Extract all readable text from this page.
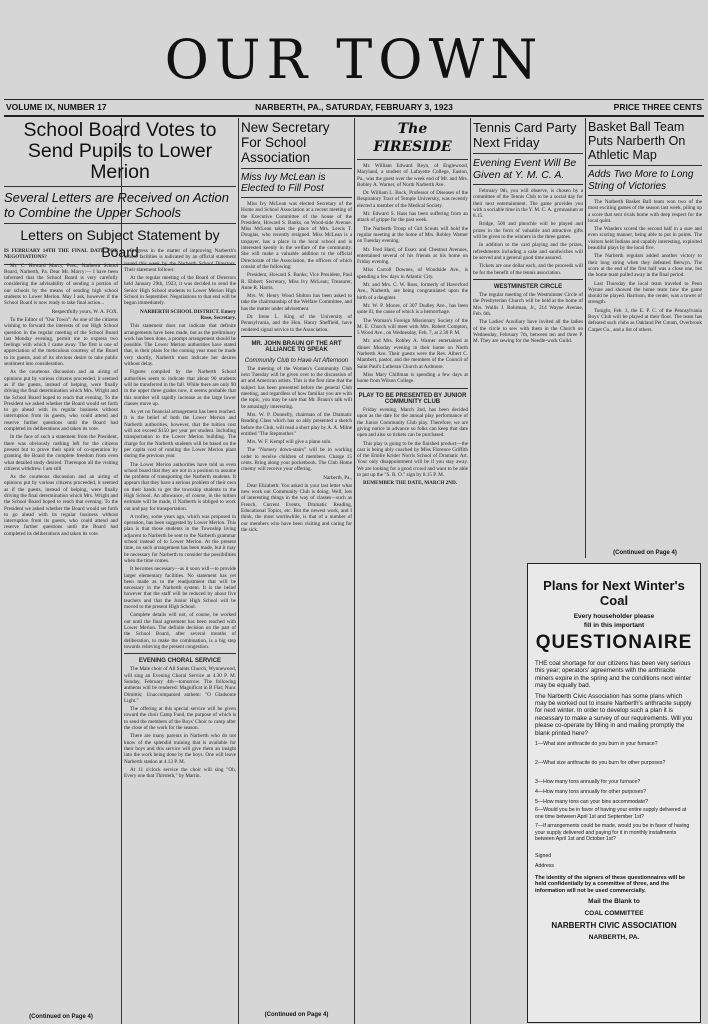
OUR TOWN
VOLUME IX, NUMBER 17	NARBERTH, PA., SATURDAY, FEBRUARY 3, 1923	PRICE THREE CENTS
School Board Votes to Send Pupils to Lower Merion
Several Letters are Received on Action to Combine the Upper Schools
Letters on Subject Statement by Board

IS FEBRUARY 14TH THE FINAL DATE FOR NEGOTIATIONS?

Mr. C. Howard Marcy, Pres., Narberth School Board, Narberth, Pa. Dear Mr. Marcy:— I have been informed that the School Board is very carefully considering the advisability of sending a portion of our schools by the means of sending high school students to Lower Merion. May I ask, however if the School Board is now ready to take final action...

Respectfully yours, W. A. FOX.

To the Editor of "Our Town": As one of the citizens wishing to forward the interests of our High School question in the regular meeting of the School Board last Monday evening, permit me to express two feelings with which I came away. The first is one of appreciation of the meticulous courtesy of the Board to its guests, and of its obvious desire to take public sentiment into consideration.

As the courteous discussion and an airing of opinions put by various citizens proceeded, it seemed as if the guests, instead of helping, were finally driving the final determination which Mrs. Wright and the School Board hoped to reach that evening. To the President we asked whether the Board would set forth to go ahead with its regular business without interruption from its guests, who could attend and reserve further questions until the Board had completed its deliberations and taken its vote.

In the face of such a statement from the President, there was obviously nothing left for the citizens present but to prove their spirit of co-operation by granting the Board the complete freedom from even what detailed study desired. Thereupon all the visiting citizens withdrew. I am still

As the courteous discussion and an airing of opinions put by various citizens proceeded, it seemed as if the guests, instead of helping, were finally driving the final determination which Mrs. Wright and the School Board hoped to reach that evening. To the President we asked whether the Board would set forth to go ahead with its regular business without interruption from its guests, who could attend and reserve further questions until the Board had completed its deliberations and taken its vote.

(Continued on Page 4)

Progress in the matter of improving Narberth's school facilities is indicated by an official statement issued this week by the Narberth School Directors. Their statement follows:

At the regular meeting of the Board of Directors held January 29th, 1923, it was decided to send the Senior High School students to Lower Merion High School in September. Negotiations to that end will be begun immediately.

NARBERTH SCHOOL DISTRICT. Emery Rose, Secretary.

This statement does not indicate that definite arrangements have been made, but as the preliminary work has been done, a prompt arrangement should be possible. The Lower Merion authorities have stated that, in their plans for the coming year must be made very shortly, Narberth must indicate her desires without delay.

Figures compiled by the Narberth School authorities seem to indicate that about 90 students will be transferred in the fall. While there are only 90 in the upper three grades now, it seems probable that this number will rapidly increase as the large lower classes move up.

As yet no financial arrangement has been reached. It is the belief of both the Lower Merion and Narberth authorities, however, that the tuition cost will not exceed $150 per year per student. Including transportation to the Lower Merion building. The charge for the Narberth students will be based on the per capita cost of running the Lower Merion plant during the previous year.

The Lower Merion authorities have told us even school board that they are not in a position to assume the problem of transporting the Narberth students. It appears that they have a serious problem of their own on their hands to get the township students to the High School. An allowance, of course, in the tuition estimate will be made, if Narberth is obliged to work out and pay for transportation.

A trolley, some years ago, which was proposed in operation, has been suggested by Lower Merion. This plan is that those students in the Township living adjacent to Narberth be sent to the Narberth grammar school instead of to Lower Merion. At the present time, no such arrangement has been made, but it may be necessary for Narberth to consider the possibilities when the time comes.

It becomes necessary—as it soon will—to provide larger elementary facilities. No statement has yet been made as to the readjustment that will be necessary in the Narberth system. It is the belief however that the staff will be reduced by about five teachers and that the Junior High School will be moved to the present High School.

Complete details will not, of course, be worked out until the final agreement has been reached with Lower Merion. The definite decision on the part of the School Board, after several months of deliberation, to make the combination, is a big step towards relieving the present congestion.

EVENING CHORAL SERVICE

The Male choir of All Saints Church, Wynnewood, will sing an Evening Choral Service at 4.30 P. M. Sunday, February 4th—tomorrow. The following anthems will be rendered: Magnificat in B Flat; Nunc Dimittis; Unaccompanied anthem: "O Gladsome Light."

The offering at this special service will be given toward the choir Camp Fund, the purpose of which is to send the members of the Boys' Choir to camp after the close of the work for the season.

There are many parents in Narberth who do not know of the splendid training that is available for their boys and this service will give them an insight into the work being done by the boys. One will leave Narberth station at 4.13 P. M.

At 11 o'clock service the choir will sing "Oh, Every one that Thirsteth," by Martin.

New Secretary For School Association
Miss Ivy McLean is Elected to Fill Post

Miss Ivy McLean was elected Secretary of the Home and School Association at a recent meeting of the Executive Committee of the house of the President, Howard S. Banks, on Wood-side Avenue. Miss McLean takes the place of Mrs. Lewis T. Douglas, who recently resigned. Miss McLean is a taxpayer, has a place in the local school and is interested keenly in the welfare of the community. She will make a valuable addition to the official Directorate of the Association, the officers of which consist of the following:

President, Howard S. Banks; Vice President, Paul R. Ebbert; Secretary, Miss Ivy McLean; Treasurer, Anne R. Harris.

Mrs. W. Henry Wood Shilton has been asked to take the chairmanship of the Welfare Committee, and has the matter under advisement.

Dr. Irene L. King of the University of Pennsylvania, and the Hon. Hanry Sheffield, have rendered signal service to the Association.

MR. JOHN BRAUN OF THE ART ALLIANCE TO SPEAK
Community Club to Have Art Afternoon

The meeting of the Women's Community Club next Tuesday will be given over to the discussion of art and American artists. This is the first time that the subject has been presented before the general Club meeting, and regardless of how familiar you are with the topic, you may be sure that Mr. Braun's talk will be amusingly interesting.

Mrs. W. P. Donnelly, chairman of the Dramatic Reading Class which has so ably presented a sketch before the Club, will read a short play by A. A. Milne entitled "The Stepmother."

Mrs. W. F. Kempf will give a piano solo.

The "Nursery down-stairs" will be in working order to receive children of members. Charge 15 cents. Bring along your pocketbook. The Club Home cinemy will receive your offering.

Narberth, Pa.,

Dear Elizabeth: You asked in your last letter what new work our Community Club is doing. Well, lots of interesting things in the way of classes—such as French, Current Events, Dramatic Reading, Educational Topics, etc. But the newest work, and I think, the most worthwhile, is that of a number of our members who have been visiting and caring for the sick.

(Continued on Page 4)
The FIRESIDE

Mr. William Edward Reyn, of Englewood, Maryland, a student of Lafayette College, Easton, Pa., was the guest over the week end of Mr. and Mrs. Robley A. Warner, of North Narberth Ave.

Dr. William L. Buck, Professor of Diseases of the Respiratory Tract of Temple University, was recently elected a member of the Medical Society.

Mr. Edward S. Hass has been suffering from an attack of grippe for the past week.

The Narberth Troop of Girl Scouts will hold the regular meeting at the home of Mrs. Robley Warner on Tuesday evening.

Mr. Fred Hard, of Essex and Chestnut Avenues, entertained several of his friends at his home on Friday evening.

Miss Carroll Downes, of Woodside Ave., is spending a few days in Atlantic City.

Mr. and Mrs. C. W. Ross, formerly of Haverford Ave., Narberth, are being congratulated upon the birth of a daughter.

Mr. W. P. Moore, of 307 Dudley Ave., has been quite ill, the cause of which is a hemorrhage.

The Woman's Foreign Missionary Society of the M. E. Church will meet with Mrs. Robert Compton, 5 Wood Ave., on Wednesday, Feb. 7, at 2.30 P. M.

Mr. and Mrs. Robley A. Warner entertained at dinner Monday evening in their home on North Narberth Ave. Their guests were the Rev. Albert C. Mambert, pastor, and the members of the Council of Saint Paul's Lutheran Church at Ardmore.

Miss Mary Chillman is spending a few days at home from Wilson College.

PLAY TO BE PRESENTED BY JUNIOR COMMUNITY CLUB

Friday evening, March 2nd, has been decided upon as the date for the annual play performance of the Junior Community Club play. Therefore, we are giving notice in advance so folks can keep that date open and also so tickets can be purchased.

This play is going to be the finished product—the cast is being ably coached by Miss Florence Griffith of the Emilie Krider Norris School of Dramatic Art. Your only disappointment will be if you stay away. We are looking for a good crowd and want to be able to put up the "S. R. O." sign by 8.15 P. M.

REMEMBER THE DATE, MARCH 2ND.

Tennis Card Party Next Friday
Evening Event Will Be Given at Y. M. C. A.

February 9th, you will observe, is chosen by a committee of the Tennis Club to be a social day for their next entertainment. The game provides you with a sociable time in the Y. M. C. A. gymnasium at 8.15.

Bridge, 500 and pinochle will be played and prizes in the form of valuable and attractive gifts will be given to the winners in the three games.

In addition to the card playing and the prizes, refreshments including a cake and sandwiches will be served and a general good time assured.

Tickets are one dollar each, and the proceeds will be for the benefit of the tennis association.

WESTMINSTER CIRCLE

The regular meeting of the Westminster Circle of the Presbyterian Church will be held at the home of Mrs. Wallis J. Rohrman, Jr., 214 Wayne Avenue, Feb. 6th.

The Ladies' Auxiliary have invited all the ladies of the circle to sew with them in the Church on Wednesday, February 7th, between ten and three P. M. They are sewing for the Needle-work Guild.

Basket Ball Team Puts Narberth On Athletic Map
Adds Two More to Long String of Victories

The Narberth Basket Ball team won two of the most exciting games of the season last week, piling up a score that sent rivals home with deep respect for the local quint.

The Wanders scored the second half in a sure and even scoring manner, being able to put in points. The visitors held Indians and capably interesting, exploited beautiful plays by the local five.

The Narberth regulars added another victory to their long string when they defeated Berwyn. The score at the end of the first half was a close one, but the home team pulled away in the final period.

Last Thursday the local team traveled to Penn Wynne and showed the home team how the game should be played. Harrison, the center, was a tower of strength.

Tonight, Feb. 3, the E. P. C. of the Pennsylvania Boys' Club will be played at their floor. The team has defeated such clubs as Oakland Pet Cream, Overbrook Carpet Co., and a list of others.

(Continued on Page 4)
Plans for Next Winter's Coal
Every householder please
fill in this important
QUESTIONAIRE

THE coal shortage for our citizens has been very serious this year; operators' agreements with the anthracite miners expire in the spring and the conditions next winter may be equally bad.

The Narberth Civic Association has some plans which may be worked out to insure Narberth's anthracite supply for next winter. In order to develop such a plan it is necessary to make a survey of our requirements. Will you please co-operate by filling in and mailing promptly the blank printed here?

1—What size anthracite do you burn in your furnace?

2—What size anthracite do you burn for other purposes?

3—How many tons annually for your furnace?
4—How many tons annually for other purposes?
5—How many tons can your bins accommodate?
6—Would you be in favor of having your entire supply delivered at one time between April 1st and September 1st?
7—If arrangements could be made, would you be in favor of having your supply delivered and paying for it in monthly installments between April 1st and October 1st?

Signed
Address

The identity of the signers of these questionnaires will be held confidentially by a committee of three, and the information will not be used commercially.

Mail the Blank to
COAL COMMITTEE
NARBERTH CIVIC ASSOCIATION
NARBERTH, PA.
